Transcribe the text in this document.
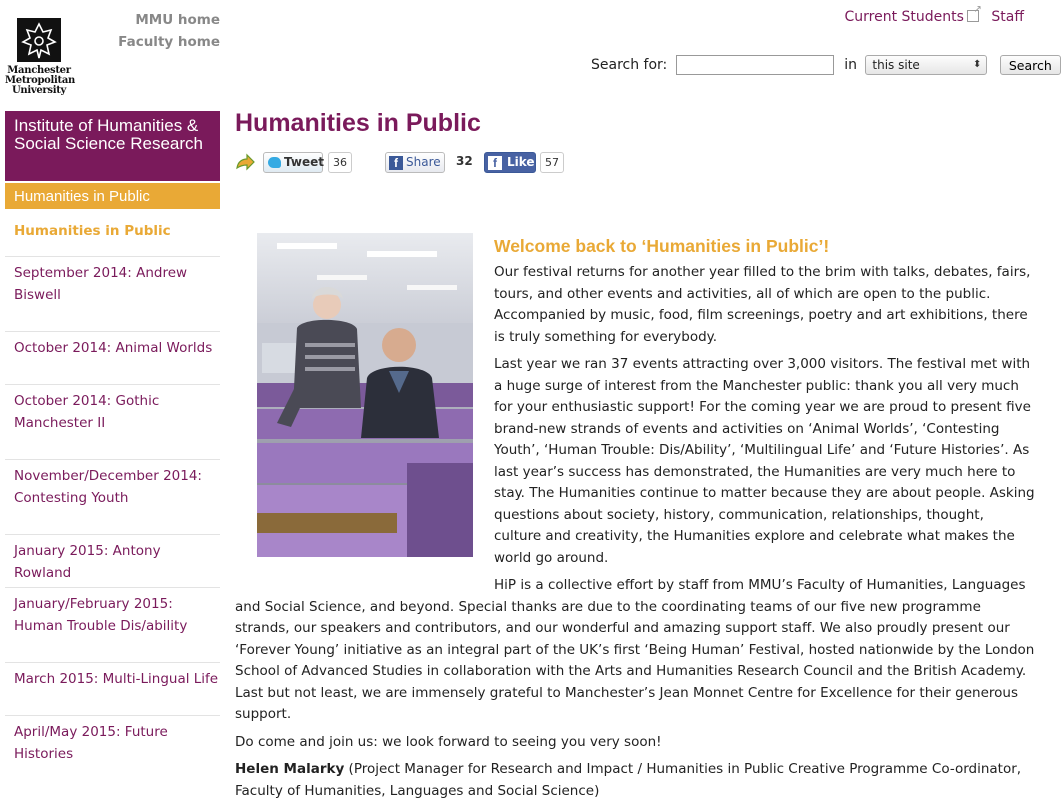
Manchester
Metropolitan
University
MMU home
Faculty home
Current Students↗ Staff
Search for:	in this site ⬍	Search
Institute of Humanities & Social Science Research
Humanities in Public
Humanities in Public
September 2014: Andrew Biswell
October 2014: Animal Worlds
October 2014: Gothic Manchester II
November/December 2014: Contesting Youth
January 2015: Antony Rowland
January/February 2015: Human Trouble Dis/ability
March 2015: Multi-Lingual Life
April/May 2015: Future Histories
Humanities in Public
Tweet 36	f Share	32	f Like 57
Welcome back to ‘Humanities in Public’!

Our festival returns for another year filled to the brim with talks, debates, fairs, tours, and other events and activities, all of which are open to the public. Accompanied by music, food, film screenings, poetry and art exhibitions, there is truly something for everybody.

Last year we ran 37 events attracting over 3,000 visitors. The festival met with a huge surge of interest from the Manchester public: thank you all very much for your enthusiastic support! For the coming year we are proud to present five brand-new strands of events and activities on ‘Animal Worlds’, ‘Contesting Youth’, ‘Human Trouble: Dis/Ability’, ‘Multilingual Life’ and ‘Future Histories’. As last year’s success has demonstrated, the Humanities are very much here to stay. The Humanities continue to matter because they are about people. Asking questions about society, history, communication, relationships, thought, culture and creativity, the Humanities explore and celebrate what makes the world go around.

HiP is a collective effort by staff from MMU’s Faculty of Humanities, Languages and Social Science, and beyond. Special thanks are due to the coordinating teams of our five new programme strands, our speakers and contributors, and our wonderful and amazing support staff. We also proudly present our ‘Forever Young’ initiative as an integral part of the UK’s first ‘Being Human’ Festival, hosted nationwide by the London School of Advanced Studies in collaboration with the Arts and Humanities Research Council and the British Academy. Last but not least, we are immensely grateful to Manchester’s Jean Monnet Centre for Excellence for their generous support.

Do come and join us: we look forward to seeing you very soon!

Helen Malarky (Project Manager for Research and Impact / Humanities in Public Creative Programme Co-ordinator, Faculty of Humanities, Languages and Social Science)
